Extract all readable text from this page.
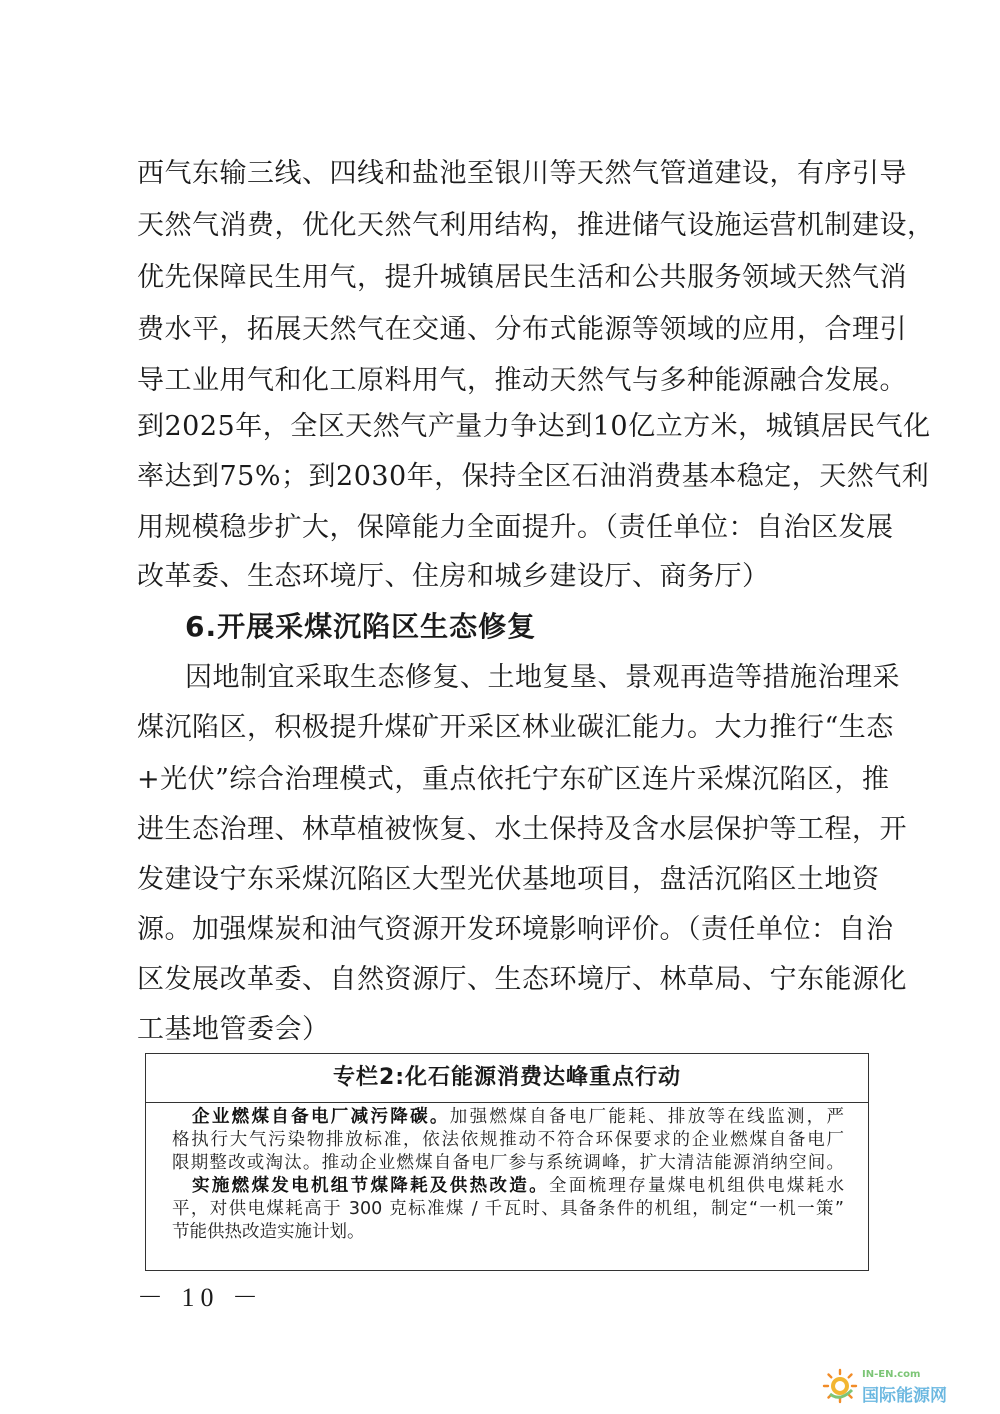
西气东输三线、四线和盐池至银川等天然气管道建设，有序引导
天然气消费，优化天然气利用结构，推进储气设施运营机制建设，
优先保障民生用气，提升城镇居民生活和公共服务领域天然气消
费水平，拓展天然气在交通、分布式能源等领域的应用，合理引
导工业用气和化工原料用气，推动天然气与多种能源融合发展。
到2025年，全区天然气产量力争达到10亿立方米，城镇居民气化
率达到75%；到2030年，保持全区石油消费基本稳定，天然气利
用规模稳步扩大，保障能力全面提升。（责任单位：自治区发展
改革委、生态环境厅、住房和城乡建设厅、商务厅）
6.开展采煤沉陷区生态修复
因地制宜采取生态修复、土地复垦、景观再造等措施治理采
煤沉陷区，积极提升煤矿开采区林业碳汇能力。大力推行“生态
+光伏”综合治理模式，重点依托宁东矿区连片采煤沉陷区，推
进生态治理、林草植被恢复、水土保持及含水层保护等工程，开
发建设宁东采煤沉陷区大型光伏基地项目，盘活沉陷区土地资
源。加强煤炭和油气资源开发环境影响评价。（责任单位：自治
区发展改革委、自然资源厅、生态环境厅、林草局、宁东能源化
工基地管委会）
专栏2:化石能源消费达峰重点行动
企业燃煤自备电厂减污降碳。加强燃煤自备电厂能耗、排放等在线监测，严
格执行大气污染物排放标准，依法依规推动不符合环保要求的企业燃煤自备电厂
限期整改或淘汰。推动企业燃煤自备电厂参与系统调峰，扩大清洁能源消纳空间。
实施燃煤发电机组节煤降耗及供热改造。全面梳理存量煤电机组供电煤耗水
平，对供电煤耗高于 300 克标准煤 / 千瓦时、具备条件的机组，制定“一机一策”
节能供热改造实施计划。
－ 10 －
IN-EN.com
国际能源网
